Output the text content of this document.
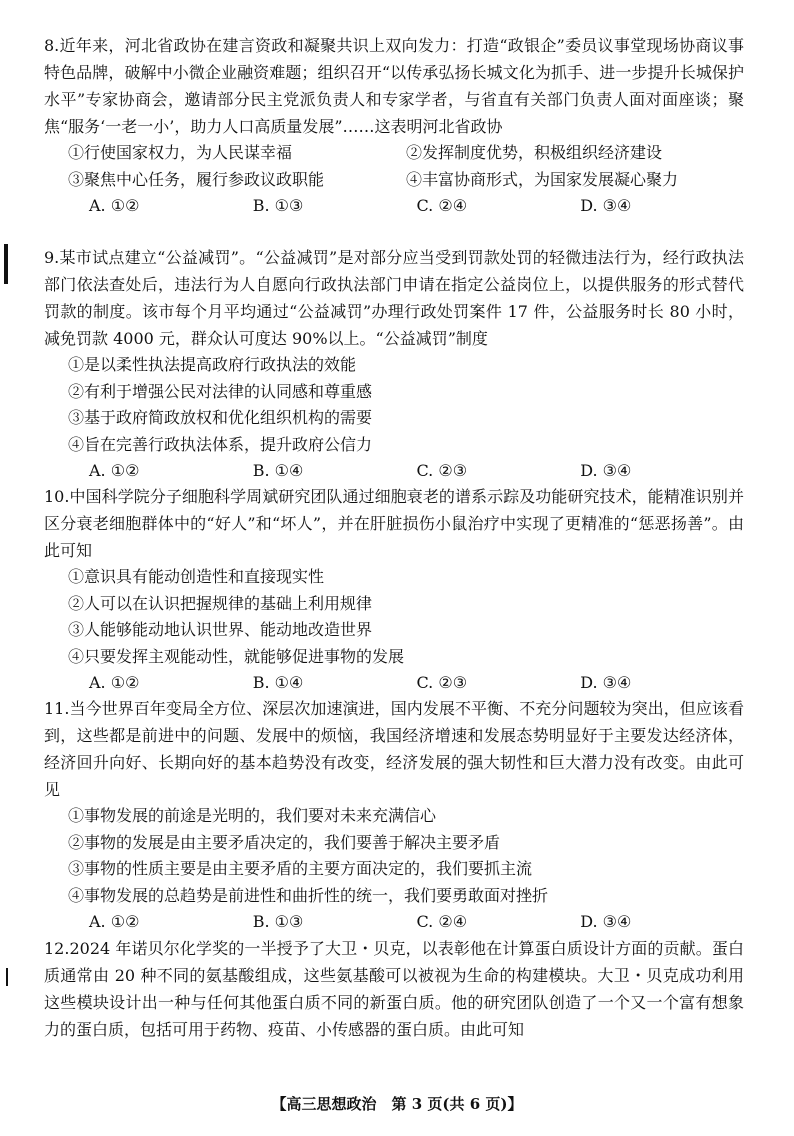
8.近年来，河北省政协在建言资政和凝聚共识上双向发力：打造“政银企”委员议事堂现场协商议事特色品牌，破解中小微企业融资难题；组织召开“以传承弘扬长城文化为抓手、进一步提升长城保护水平”专家协商会，邀请部分民主党派负责人和专家学者，与省直有关部门负责人面对面座谈；聚焦“服务‘一老一小’，助力人口高质量发展”……这表明河北省政协
①行使国家权力，为人民谋幸福	②发挥制度优势，积极组织经济建设
③聚焦中心任务，履行参政议政职能	④丰富协商形式，为国家发展凝心聚力
A. ①②	B. ①③	C. ②④	D. ③④
9.某市试点建立“公益减罚”。“公益减罚”是对部分应当受到罚款处罚的轻微违法行为，经行政执法部门依法查处后，违法行为人自愿向行政执法部门申请在指定公益岗位上，以提供服务的形式替代罚款的制度。该市每个月平均通过“公益减罚”办理行政处罚案件 17 件，公益服务时长 80 小时，减免罚款 4000 元，群众认可度达 90%以上。“公益减罚”制度
①是以柔性执法提高政府行政执法的效能
②有利于增强公民对法律的认同感和尊重感
③基于政府简政放权和优化组织机构的需要
④旨在完善行政执法体系，提升政府公信力
A. ①②	B. ①④	C. ②③	D. ③④
10.中国科学院分子细胞科学周斌研究团队通过细胞衰老的谱系示踪及功能研究技术，能精准识别并区分衰老细胞群体中的“好人”和“坏人”，并在肝脏损伤小鼠治疗中实现了更精准的“惩恶扬善”。由此可知
①意识具有能动创造性和直接现实性
②人可以在认识把握规律的基础上利用规律
③人能够能动地认识世界、能动地改造世界
④只要发挥主观能动性，就能够促进事物的发展
A. ①②	B. ①④	C. ②③	D. ③④
11.当今世界百年变局全方位、深层次加速演进，国内发展不平衡、不充分问题较为突出，但应该看到，这些都是前进中的问题、发展中的烦恼，我国经济增速和发展态势明显好于主要发达经济体，经济回升向好、长期向好的基本趋势没有改变，经济发展的强大韧性和巨大潜力没有改变。由此可见
①事物发展的前途是光明的，我们要对未来充满信心
②事物的发展是由主要矛盾决定的，我们要善于解决主要矛盾
③事物的性质主要是由主要矛盾的主要方面决定的，我们要抓主流
④事物发展的总趋势是前进性和曲折性的统一，我们要勇敢面对挫折
A. ①②	B. ①③	C. ②④	D. ③④
12.2024 年诺贝尔化学奖的一半授予了大卫・贝克，以表彰他在计算蛋白质设计方面的贡献。蛋白质通常由 20 种不同的氨基酸组成，这些氨基酸可以被视为生命的构建模块。大卫・贝克成功利用这些模块设计出一种与任何其他蛋白质不同的新蛋白质。他的研究团队创造了一个又一个富有想象力的蛋白质，包括可用于药物、疫苗、小传感器的蛋白质。由此可知
【高三思想政治　第 3 页(共 6 页)】
